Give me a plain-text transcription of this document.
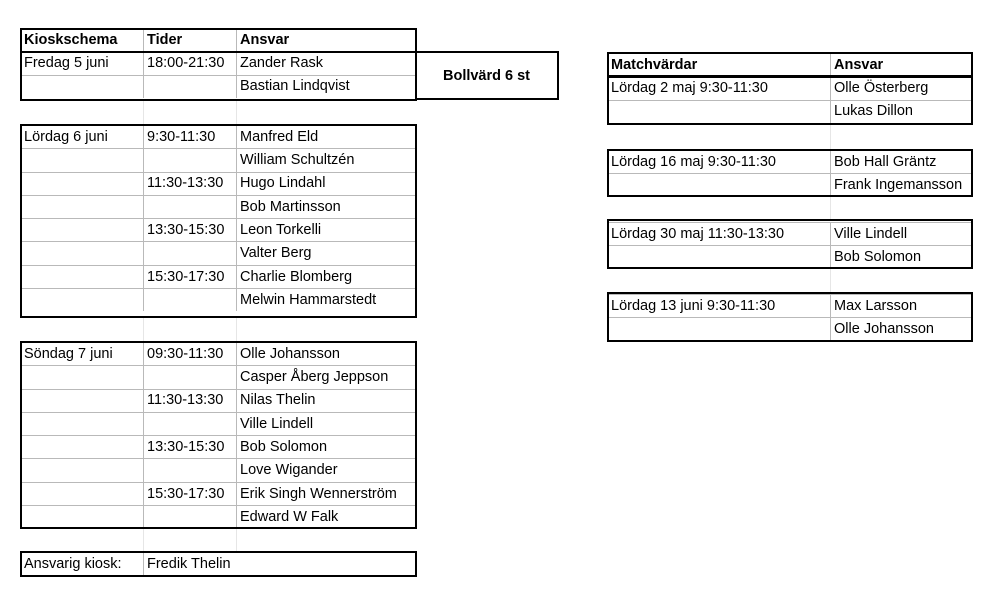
Kioskschema	Tider	Ansvar
Fredag 5 juni	18:00-21:30	Zander Rask
		Bastian Lindqvist
Bollvärd 6 st
Lördag 6 juni	9:30-11:30	Manfred Eld
		William Schultzén
	11:30-13:30	Hugo Lindahl
		Bob Martinsson
	13:30-15:30	Leon Torkelli
		Valter Berg
	15:30-17:30	Charlie Blomberg
		Melwin Hammarstedt
Söndag 7 juni	09:30-11:30	Olle Johansson
		Casper Åberg Jeppson
	11:30-13:30	Nilas Thelin
		Ville Lindell
	13:30-15:30	Bob Solomon
		Love Wigander
	15:30-17:30	Erik Singh Wennerström
		Edward W Falk
Ansvarig kiosk:	Fredik Thelin
Matchvärdar	Ansvar
Lördag 2 maj 9:30-11:30	Olle Österberg
	Lukas Dillon
Lördag 16 maj 9:30-11:30	Bob Hall Gräntz
	Frank Ingemansson
Lördag 30 maj 11:30-13:30	Ville Lindell
	Bob Solomon
Lördag 13 juni 9:30-11:30	Max Larsson
	Olle Johansson
